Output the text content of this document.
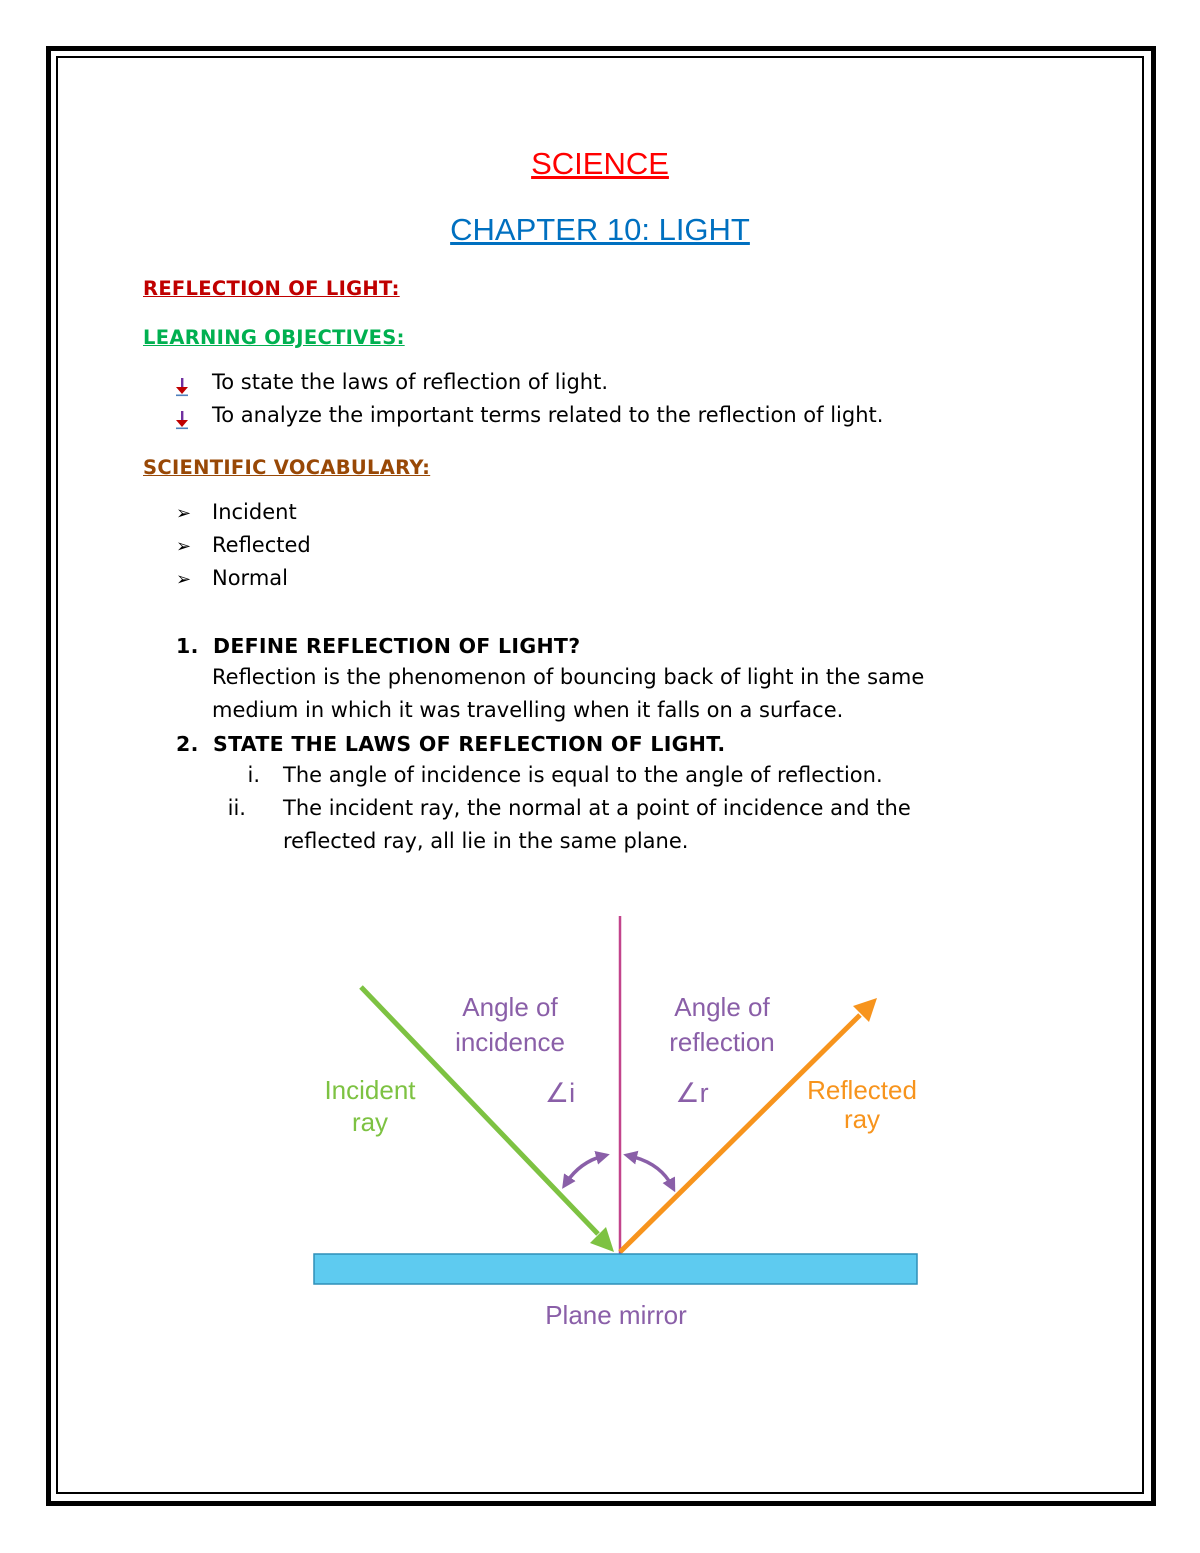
SCIENCE
CHAPTER 10: LIGHT
REFLECTION OF LIGHT:
LEARNING OBJECTIVES:
To state the laws of reflection of light.
To analyze the important terms related to the reflection of light.
SCIENTIFIC VOCABULARY:
➢ Incident
➢ Reflected
➢ Normal
1. DEFINE REFLECTION OF LIGHT?
Reflection is the phenomenon of bouncing back of light in the same
medium in which it was travelling when it falls on a surface.
2. STATE THE LAWS OF REFLECTION OF LIGHT.
i. The angle of incidence is equal to the angle of reflection.
ii. The incident ray, the normal at a point of incidence and the
reflected ray, all lie in the same plane.
Angle of
incidence
Angle of
reflection
∠i	∠r
Plane mirror
Incident
ray
Reflected
ray
